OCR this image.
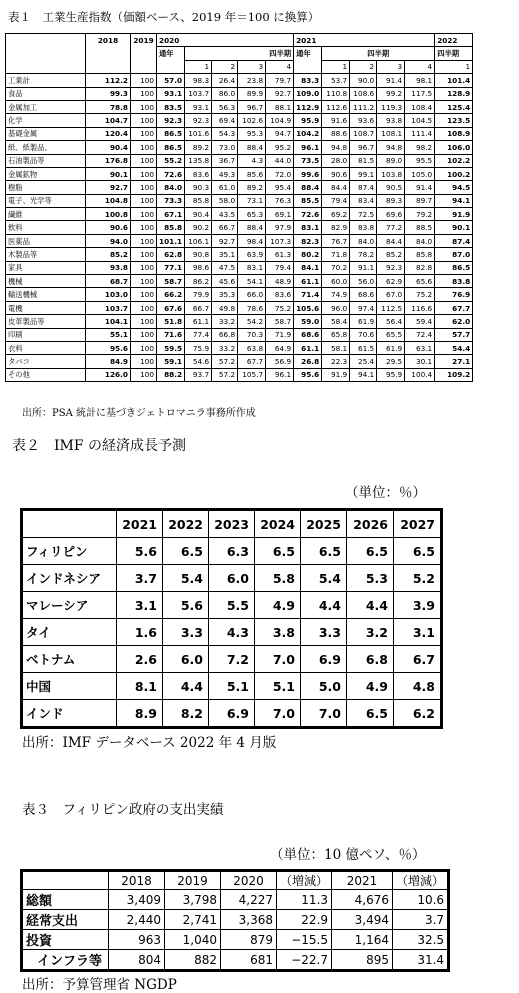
表１　工業生産指数（価額ベース、2019 年＝100 に換算）
	2018	2019	2020					2021					2022
			通年	四半期				通年	四半期				四半期
				1	2	3	4		1	2	3	4	1
工業計	112.2	100	57.0	98.3	26.4	23.8	79.7	83.3	53.7	90.0	91.4	98.1	101.4
食品	99.3	100	93.1	103.7	86.0	89.9	92.7	109.0	110.8	108.6	99.2	117.5	128.9
金属加工	78.8	100	83.5	93.1	56.3	96.7	88.1	112.9	112.6	111.2	119.3	108.4	125.4
化学	104.7	100	92.3	92.3	69.4	102.6	104.9	95.9	91.6	93.6	93.8	104.5	123.5
基礎金属	120.4	100	86.5	101.6	54.3	95.3	94.7	104.2	88.6	108.7	108.1	111.4	108.9
紙、紙製品、	90.4	100	86.5	89.2	73.0	88.4	95.2	96.1	94.8	96.7	94.8	98.2	106.0
石油製品等	176.8	100	55.2	135.8	36.7	4.3	44.0	73.5	28.0	81.5	89.0	95.5	102.2
金属鉱物	90.1	100	72.6	83.6	49.3	85.6	72.0	99.6	90.6	99.1	103.8	105.0	100.2
樹脂	92.7	100	84.0	90.3	61.0	89.2	95.4	88.4	84.4	87.4	90.5	91.4	94.5
電子、光学等	104.8	100	73.3	85.8	58.0	73.1	76.3	85.5	79.4	83.4	89.3	89.7	94.1
繊維	100.8	100	67.1	90.4	43.5	65.3	69.1	72.6	69.2	72.5	69.6	79.2	91.9
飲料	90.6	100	85.8	90.2	66.7	88.4	97.9	83.1	82.9	83.8	77.2	88.5	90.1
医薬品	94.0	100	101.1	106.1	92.7	98.4	107.3	82.3	76.7	84.0	84.4	84.0	87.4
木製品等	85.2	100	62.8	90.8	35.1	63.9	61.3	80.2	71.8	78.2	85.2	85.8	87.0
家具	93.8	100	77.1	98.6	47.5	83.1	79.4	84.1	70.2	91.1	92.3	82.8	86.5
機械	68.7	100	58.7	86.2	45.6	54.1	48.9	61.1	60.0	56.0	62.9	65.6	83.8
輸送機械	103.0	100	66.2	79.9	35.3	66.0	83.6	71.4	74.9	68.6	67.0	75.2	76.9
電機	103.7	100	67.6	66.7	49.8	78.6	75.2	105.6	96.0	97.4	112.5	116.6	67.7
皮革製品等	104.1	100	51.8	61.1	33.2	54.2	58.7	59.0	58.4	61.9	56.4	59.4	62.0
印刷	55.1	100	71.6	77.4	66.8	70.3	71.9	68.6	65.8	70.6	65.5	72.4	57.7
衣料	95.6	100	59.5	75.9	33.2	63.8	64.9	61.1	58.1	61.5	61.9	63.1	54.4
タバコ	84.9	100	59.1	54.6	57.2	67.7	56.9	26.8	22.3	25.4	29.5	30.1	27.1
その他	126.0	100	88.2	93.7	57.2	105.7	96.1	95.6	91.9	94.1	95.9	100.4	109.2
出所：PSA 統計に基づきジェトロマニラ事務所作成
表２　IMF の経済成長予測
（単位：％）
	2021	2022	2023	2024	2025	2026	2027
フィリピン	5.6	6.5	6.3	6.5	6.5	6.5	6.5
インドネシア	3.7	5.4	6.0	5.8	5.4	5.3	5.2
マレーシア	3.1	5.6	5.5	4.9	4.4	4.4	3.9
タイ	1.6	3.3	4.3	3.8	3.3	3.2	3.1
ベトナム	2.6	6.0	7.2	7.0	6.9	6.8	6.7
中国	8.1	4.4	5.1	5.1	5.0	4.9	4.8
インド	8.9	8.2	6.9	7.0	7.0	6.5	6.2
出所：IMF データベース 2022 年 4 月版
表３　フィリピン政府の支出実績
（単位：10 億ペソ、％）
	2018	2019	2020	（増減）	2021	（増減）
総額	3,409	3,798	4,227	11.3	4,676	10.6
経常支出	2,440	2,741	3,368	22.9	3,494	3.7
投資	963	1,040	879	−15.5	1,164	32.5
インフラ等	804	882	681	−22.7	895	31.4
出所：予算管理省 NGDP
